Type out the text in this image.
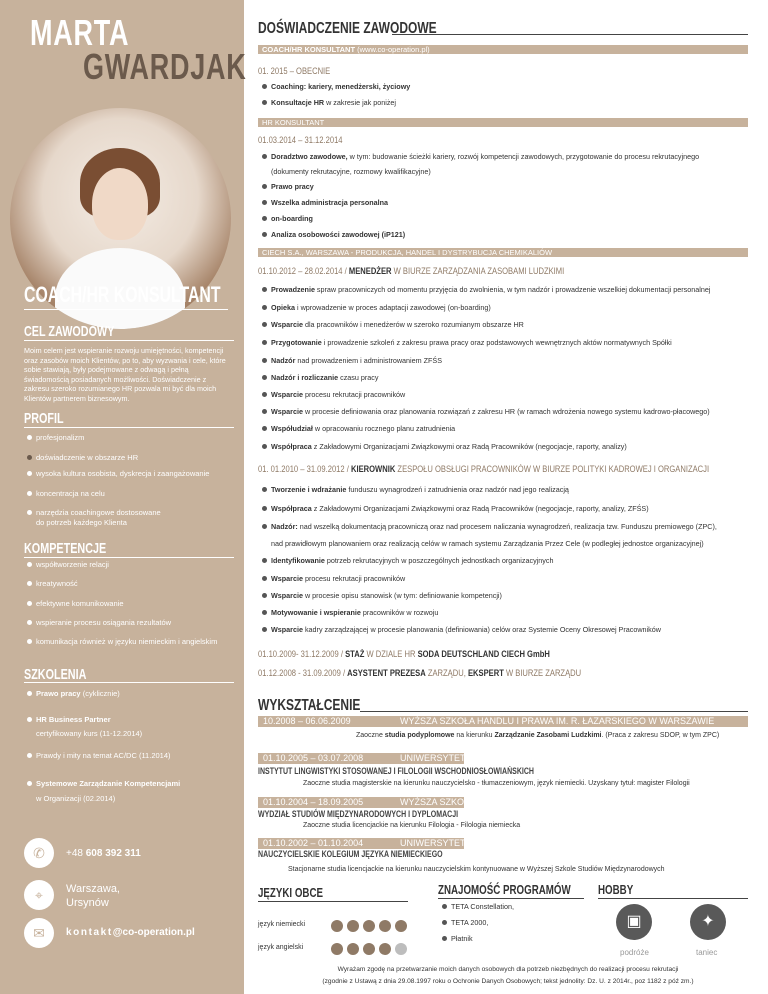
MARTA
GWARDJAK
COACH/HR KONSULTANT
CEL ZAWODOWY
Moim celem jest wspieranie rozwoju umiejętności, kompetencji oraz zasobów moich Klientów, po to, aby wyzwania i cele, które sobie stawiają, były podejmowane z odwagą i pełną świadomością posiadanych możliwości. Doświadczenie z zakresu szeroko rozumianego HR pozwala mi być dla moich Klientów partnerem biznesowym.
PROFIL
profesjonalizm
doświadczenie w obszarze HR
wysoka kultura osobista, dyskrecja i zaangażowanie
koncentracja na celu
narzędzia coachingowe dostosowane
do potrzeb każdego Klienta
KOMPETENCJE
współtworzenie relacji
kreatywność
efektywne komunikowanie
wspieranie procesu osiągania rezultatów
komunikacja również w języku niemieckim i angielskim
SZKOLENIA
Prawo pracy (cyklicznie)
HR Business Partner
certyfikowany kurs (11-12.2014)
Prawdy i mity na temat AC/DC (11.2014)
Systemowe Zarządzanie Kompetencjami
w Organizacji (02.2014)
✆	+48 608 392 311
⌖	Warszawa,
Ursynów
✉	kontakt@co-operation.pl
DOŚWIADCZENIE ZAWODOWE
COACH/HR KONSULTANT (www.co-operation.pl)
01. 2015 – OBECNIE
Coaching: kariery, menedżerski, życiowy
Konsultacje HR w zakresie jak poniżej
HR KONSULTANT
01.03.2014 – 31.12.2014
Doradztwo zawodowe, w tym: budowanie ścieżki kariery, rozwój kompetencji zawodowych, przygotowanie do procesu rekrutacyjnego
(dokumenty rekrutacyjne, rozmowy kwalifikacyjne)
Prawo pracy
Wszelka administracja personalna
on-boarding
Analiza osobowości zawodowej (iP121)
CIECH S.A., WARSZAWA - PRODUKCJA, HANDEL I DYSTRYBUCJA CHEMIKALIÓW
01.10.2012 – 28.02.2014 / MENEDŻER W BIURZE ZARZĄDZANIA ZASOBAMI LUDZKIMI
Prowadzenie spraw pracowniczych od momentu przyjęcia do zwolnienia, w tym nadzór i prowadzenie wszelkiej dokumentacji personalnej
Opieka i wprowadzenie w proces adaptacji zawodowej (on-boarding)
Wsparcie dla pracowników i menedżerów w szeroko rozumianym obszarze HR
Przygotowanie i prowadzenie szkoleń z zakresu prawa pracy oraz podstawowych wewnętrznych aktów normatywnych Spółki
Nadzór nad prowadzeniem i administrowaniem ZFŚS
Nadzór i rozliczanie czasu pracy
Wsparcie procesu rekrutacji pracowników
Wsparcie w procesie definiowania oraz planowania rozwiązań z zakresu HR (w ramach wdrożenia nowego systemu kadrowo-płacowego)
Współudział w opracowaniu rocznego planu zatrudnienia
Współpraca z Zakładowymi Organizacjami Związkowymi oraz Radą Pracowników (negocjacje, raporty, analizy)
01. 01.2010 – 31.09.2012 / KIEROWNIK ZESPOŁU OBSŁUGI PRACOWNIKÓW W BIURZE POLITYKI KADROWEJ I ORGANIZACJI
Tworzenie i wdrażanie funduszu wynagrodzeń i zatrudnienia oraz nadzór nad jego realizacją
Współpraca z Zakładowymi Organizacjami Związkowymi oraz Radą Pracowników (negocjacje, raporty, analizy, ZFŚS)
Nadzór: nad wszelką dokumentacją pracowniczą oraz nad procesem naliczania wynagrodzeń, realizacja tzw. Funduszu premiowego (ZPC),
nad prawidłowym planowaniem oraz realizacją celów w ramach systemu Zarządzania Przez Cele (w podległej jednostce organizacyjnej)
Identyfikowanie potrzeb rekrutacyjnych w poszczególnych jednostkach organizacyjnych
Wsparcie procesu rekrutacji pracowników
Wsparcie w procesie opisu stanowisk (w tym: definiowanie kompetencji)
Motywowanie i wspieranie pracowników w rozwoju
Wsparcie kadry zarządzającej w procesie planowania (definiowania) celów oraz Systemie Oceny Okresowej Pracowników
01.10.2009- 31.12.2009 / STAŻ W DZIALE HR SODA DEUTSCHLAND CIECH GmbH
01.12.2008 - 31.09.2009 / ASYSTENT PREZESA ZARZĄDU, EKSPERT W BIURZE ZARZĄDU
WYKSZTAŁCENIE
10.2008 – 06.06.2009	WYŻSZA SZKOŁA HANDLU I PRAWA IM. R. ŁAZARSKIEGO W WARSZAWIE
Zaoczne studia podyplomowe na kierunku Zarządzanie Zasobami Ludzkimi. (Praca z zakresu SDOP, w tym ZPC)
01.10.2005 – 03.07.2008	UNIWERSYTET WARSZAWSKI
INSTYTUT LINGWISTYKI STOSOWANEJ I FILOLOGII WSCHODNIOSŁOWIAŃSKICH
Zaoczne studia magisterskie na kierunku nauczycielsko - tłumaczeniowym, język niemiecki. Uzyskany tytuł: magister Filologii
01.10.2004 – 18.09.2005	WYŻSZA SZKOŁA STUDIÓW MIĘDZYNARODOWYCH W ŁODZI
WYDZIAŁ STUDIÓW MIĘDZYNARODOWYCH I DYPLOMACJI
Zaoczne studia licencjackie na kierunku Filologia - Filologia niemiecka
01.10.2002 – 01.10.2004	UNIWERSYTET WARSZAWSKI
NAUCZYCIELSKIE KOLEGIUM JĘZYKA NIEMIECKIEGO
Stacjonarne studia licencjackie na kierunku nauczycielskim kontynuowane w Wyższej Szkole Studiów Międzynarodowych
JĘZYKI OBCE
język niemiecki
język angielski
ZNAJOMOŚĆ PROGRAMÓW
TETA Constellation,
TETA 2000,
Płatnik
HOBBY
▣
podróże
✦
taniec
Wyrażam zgodę na przetwarzanie moich danych osobowych dla potrzeb niezbędnych do realizacji procesu rekrutacji
(zgodnie z Ustawą z dnia 29.08.1997 roku o Ochronie Danych Osobowych; tekst jednolity: Dz. U. z 2014r., poz 1182 z póź zm.)
